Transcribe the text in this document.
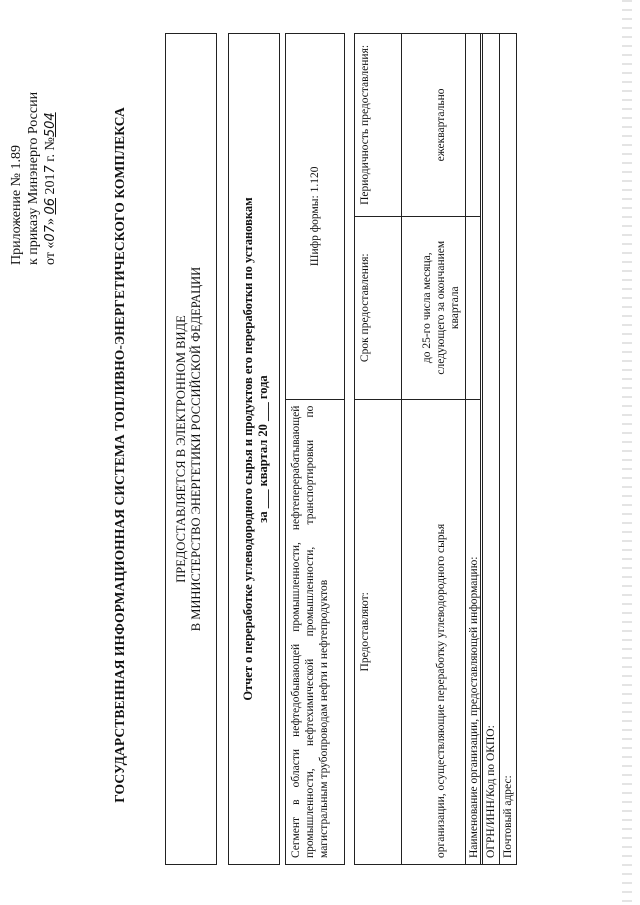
Приложение № 1.89 к приказу Минэнерго России от «07» 06 2017 г. №504	ГОСУДАРСТВЕННАЯ ИНФОРМАЦИОННАЯ СИСТЕМА ТОПЛИВНО-ЭНЕРГЕТИЧЕСКОГО КОМПЛЕКСА	ПРЕДОСТАВЛЯЕТСЯ В ЭЛЕКТРОННОМ ВИДЕ В МИНИСТЕРСТВО ЭНЕРГЕТИКИ РОССИЙСКОЙ ФЕДЕРАЦИИ	Отчет о переработке углеводородного сырья и продуктов его переработки по установкам за ___ квартал 20 ___ года Сегмент в области нефтедобывающей промышленности, нефтеперерабатывающей промышленности, нефтехимической промышленности, транспортировки по магистральным трубопроводам нефти и нефтепродуктов	Шифр формы: 1.120	

Предоставляют:	Срок предоставления:	Периодичность предоставления:
организации, осуществляющие переработку углеводородного сырья	до 25-го числа месяца, следующего за окончанием квартала	ежеквартально
Наименование организации, предоставляющей информацию:
ОГРН/ИНН/Код по ОКПО:
Почтовый адрес:
